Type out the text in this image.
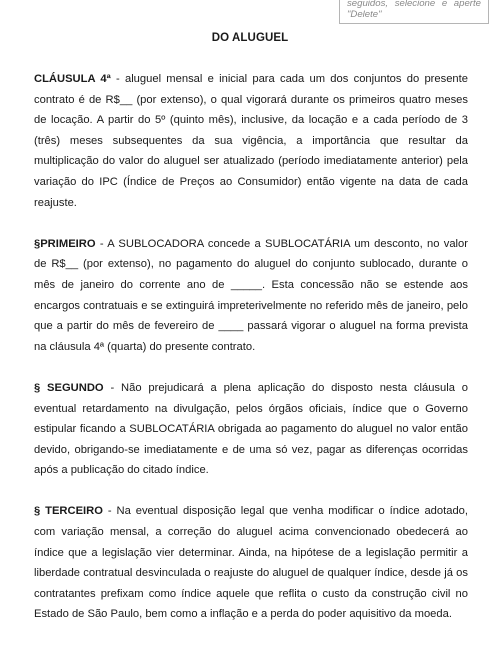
seguidos, selecione e aperte
"Delete"
DO ALUGUEL

CLÁUSULA 4ª - aluguel mensal e inicial para cada um dos conjuntos do presente contrato é de R$__ (por extenso), o qual vigorará durante os primeiros quatro meses de locação. A partir do 5º (quinto mês), inclusive, da locação e a cada período de 3 (três) meses subsequentes da sua vigência, a importância que resultar da multiplicação do valor do aluguel ser atualizado (período imediatamente anterior) pela variação do IPC (Índice de Preços ao Consumidor) então vigente na data de cada reajuste.

§PRIMEIRO - A SUBLOCADORA concede a SUBLOCATÁRIA um desconto, no valor de R$__ (por extenso), no pagamento do aluguel do conjunto sublocado, durante o mês de janeiro do corrente ano de _____. Esta concessão não se estende aos encargos contratuais e se extinguirá impreterivelmente no referido mês de janeiro, pelo que a partir do mês de fevereiro de ____ passará vigorar o aluguel na forma prevista na cláusula 4ª (quarta) do presente contrato.

§ SEGUNDO - Não prejudicará a plena aplicação do disposto nesta cláusula o eventual retardamento na divulgação, pelos órgãos oficiais, índice que o Governo estipular ficando a SUBLOCATÁRIA obrigada ao pagamento do aluguel no valor então devido, obrigando-se imediatamente e de uma só vez, pagar as diferenças ocorridas após a publicação do citado índice.

§ TERCEIRO - Na eventual disposição legal que venha modificar o índice adotado, com variação mensal, a correção do aluguel acima convencionado obedecerá ao índice que a legislação vier determinar. Ainda, na hipótese de a legislação permitir a liberdade contratual desvinculada o reajuste do aluguel de qualquer índice, desde já os contratantes prefixam como índice aquele que reflita o custo da construção civil no Estado de São Paulo, bem como a inflação e a perda do poder aquisitivo da moeda.
